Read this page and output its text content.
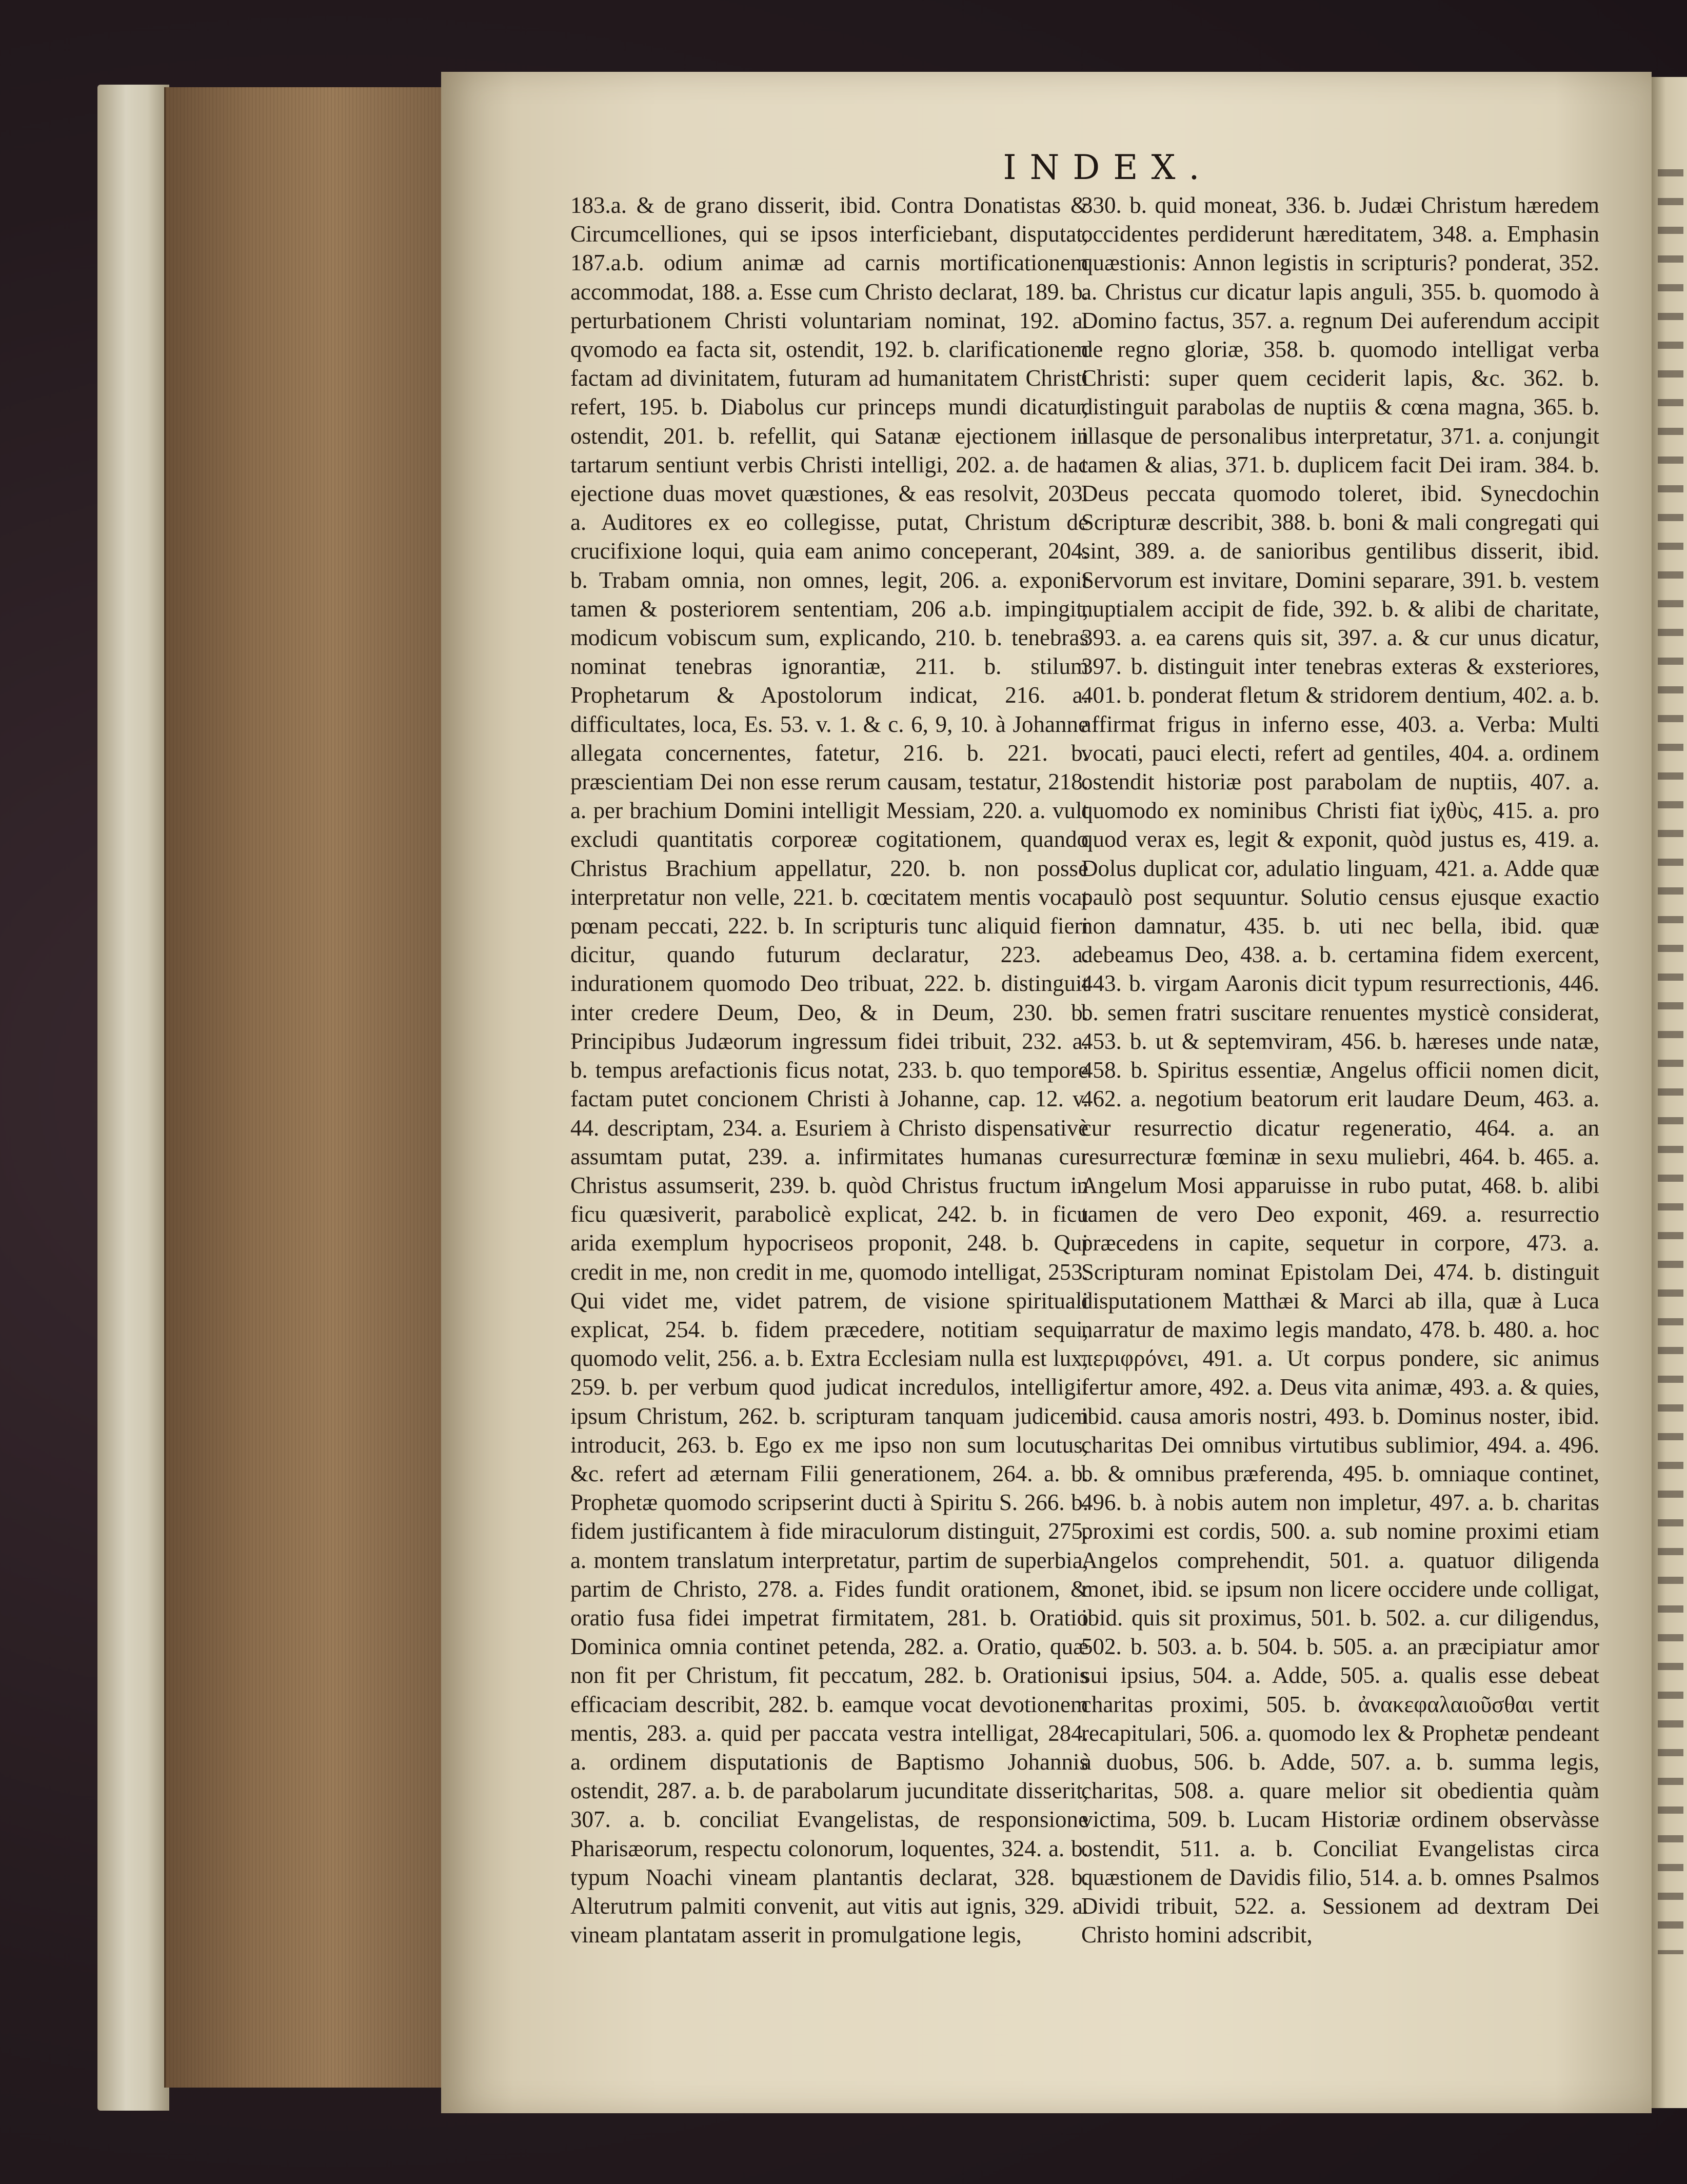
INDEX.

183.a. & de grano disserit, ibid. Contra Donatistas & Circumcelliones, qui se ipsos interficiebant, disputat, 187.a.b. odium animæ ad carnis mortificationem accommodat, 188. a. Esse cum Christo declarat, 189. b. perturbationem Christi voluntariam nominat, 192. a. qvomodo ea facta sit, ostendit, 192. b. clarificationem factam ad divinitatem, futuram ad humanitatem Christi refert, 195. b. Diabolus cur princeps mundi dicatur, ostendit, 201. b. refellit, qui Satanæ ejectionem in tartarum sentiunt verbis Christi intelligi, 202. a. de hac ejectione duas movet quæstiones, & eas resolvit, 203. a. Auditores ex eo collegisse, putat, Christum de crucifixione loqui, quia eam animo conceperant, 204. b. Trabam omnia, non omnes, legit, 206. a. exponit tamen & posteriorem sententiam, 206 a.b. impingit, modicum vobiscum sum, explicando, 210. b. tenebras nominat tenebras ignorantiæ, 211. b. stilum Prophetarum & Apostolorum indicat, 216. a. difficultates, loca, Es. 53. v. 1. & c. 6, 9, 10. à Johanne allegata concernentes, fatetur, 216. b. 221. b. præscientiam Dei non esse rerum causam, testatur, 218. a. per brachium Domini intelligit Messiam, 220. a. vult excludi quantitatis corporeæ cogitationem, quando Christus Brachium appellatur, 220. b. non posse interpretatur non velle, 221. b. cœcitatem mentis vocat pœnam peccati, 222. b. In scripturis tunc aliquid fieri dicitur, quando futurum declaratur, 223. a. indurationem quomodo Deo tribuat, 222. b. distinguit inter credere Deum, Deo, & in Deum, 230. b. Principibus Judæorum ingressum fidei tribuit, 232. a. b. tempus arefactionis ficus notat, 233. b. quo tempore factam putet concionem Christi à Johanne, cap. 12. v. 44. descriptam, 234. a. Esuriem à Christo dispensativè assumtam putat, 239. a. infirmitates humanas cur Christus assumserit, 239. b. quòd Christus fructum in ficu quæsiverit, parabolicè explicat, 242. b. in ficu arida exemplum hypocriseos proponit, 248. b. Qui credit in me, non credit in me, quomodo intelligat, 253. Qui videt me, videt patrem, de visione spirituali explicat, 254. b. fidem præcedere, notitiam sequi, quomodo velit, 256. a. b. Extra Ecclesiam nulla est lux, 259. b. per verbum quod judicat incredulos, intelligit ipsum Christum, 262. b. scripturam tanquam judicem introducit, 263. b. Ego ex me ipso non sum locutus, &c. refert ad æternam Filii generationem, 264. a. b. Prophetæ quomodo scripserint ducti à Spiritu S. 266. b. fidem justificantem à fide miraculorum distinguit, 275. a. montem translatum interpretatur, partim de superbia, partim de Christo, 278. a. Fides fundit orationem, & oratio fusa fidei impetrat firmitatem, 281. b. Oratio Dominica omnia continet petenda, 282. a. Oratio, quæ non fit per Christum, fit peccatum, 282. b. Orationis efficaciam describit, 282. b. eamque vocat devotionem mentis, 283. a. quid per paccata vestra intelligat, 284. a. ordinem disputationis de Baptismo Johannis ostendit, 287. a. b. de parabolarum jucunditate disserit, 307. a. b. conciliat Evangelistas, de responsione Pharisæorum, respectu colonorum, loquentes, 324. a. b. typum Noachi vineam plantantis declarat, 328. b. Alterutrum palmiti convenit, aut vitis aut ignis, 329. a. vineam plantatam asserit in promulgatione legis,

330. b. quid moneat, 336. b. Judæi Christum hæredem occidentes perdiderunt hæreditatem, 348. a. Emphasin quæstionis: Annon legistis in scripturis? ponderat, 352. a. Christus cur dicatur lapis anguli, 355. b. quomodo à Domino factus, 357. a. regnum Dei auferendum accipit de regno gloriæ, 358. b. quomodo intelligat verba Christi: super quem ceciderit lapis, &c. 362. b. distinguit parabolas de nuptiis & cœna magna, 365. b. illasque de personalibus interpretatur, 371. a. conjungit tamen & alias, 371. b. duplicem facit Dei iram. 384. b. Deus peccata quomodo toleret, ibid. Synecdochin Scripturæ describit, 388. b. boni & mali congregati qui sint, 389. a. de sanioribus gentilibus disserit, ibid. Servorum est invitare, Domini separare, 391. b. vestem nuptialem accipit de fide, 392. b. & alibi de charitate, 393. a. ea carens quis sit, 397. a. & cur unus dicatur, 397. b. distinguit inter tenebras exteras & exsteriores, 401. b. ponderat fletum & stridorem dentium, 402. a. b. affirmat frigus in inferno esse, 403. a. Verba: Multi vocati, pauci electi, refert ad gentiles, 404. a. ordinem ostendit historiæ post parabolam de nuptiis, 407. a. quomodo ex nominibus Christi fiat ἰχθὺς, 415. a. pro quod verax es, legit & exponit, quòd justus es, 419. a. Dolus duplicat cor, adulatio linguam, 421. a. Adde quæ paulò post sequuntur. Solutio census ejusque exactio non damnatur, 435. b. uti nec bella, ibid. quæ debeamus Deo, 438. a. b. certamina fidem exercent, 443. b. virgam Aaronis dicit typum resurrectionis, 446. b. semen fratri suscitare renuentes mysticè considerat, 453. b. ut & septemviram, 456. b. hæreses unde natæ, 458. b. Spiritus essentiæ, Angelus officii nomen dicit, 462. a. negotium beatorum erit laudare Deum, 463. a. cur resurrectio dicatur regeneratio, 464. a. an resurrecturæ fœminæ in sexu muliebri, 464. b. 465. a. Angelum Mosi apparuisse in rubo putat, 468. b. alibi tamen de vero Deo exponit, 469. a. resurrectio præcedens in capite, sequetur in corpore, 473. a. Scripturam nominat Epistolam Dei, 474. b. distinguit disputationem Matthæi & Marci ab illa, quæ à Luca narratur de maximo legis mandato, 478. b. 480. a. hoc περιφρόνει, 491. a. Ut corpus pondere, sic animus fertur amore, 492. a. Deus vita animæ, 493. a. & quies, ibid. causa amoris nostri, 493. b. Dominus noster, ibid. charitas Dei omnibus virtutibus sublimior, 494. a. 496. b. & omnibus præferenda, 495. b. omniaque continet, 496. b. à nobis autem non impletur, 497. a. b. charitas proximi est cordis, 500. a. sub nomine proximi etiam Angelos comprehendit, 501. a. quatuor diligenda monet, ibid. se ipsum non licere occidere unde colligat, ibid. quis sit proximus, 501. b. 502. a. cur diligendus, 502. b. 503. a. b. 504. b. 505. a. an præcipiatur amor sui ipsius, 504. a. Adde, 505. a. qualis esse debeat charitas proximi, 505. b. ἀνακεφαλαιοῦσθαι vertit recapitulari, 506. a. quomodo lex & Prophetæ pendeant à duobus, 506. b. Adde, 507. a. b. summa legis, charitas, 508. a. quare melior sit obedientia quàm victima, 509. b. Lucam Historiæ ordinem observàsse ostendit, 511. a. b. Conciliat Evangelistas circa quæstionem de Davidis filio, 514. a. b. omnes Psalmos Dividi tribuit, 522. a. Sessionem ad dextram Dei Christo homini adscribit,
